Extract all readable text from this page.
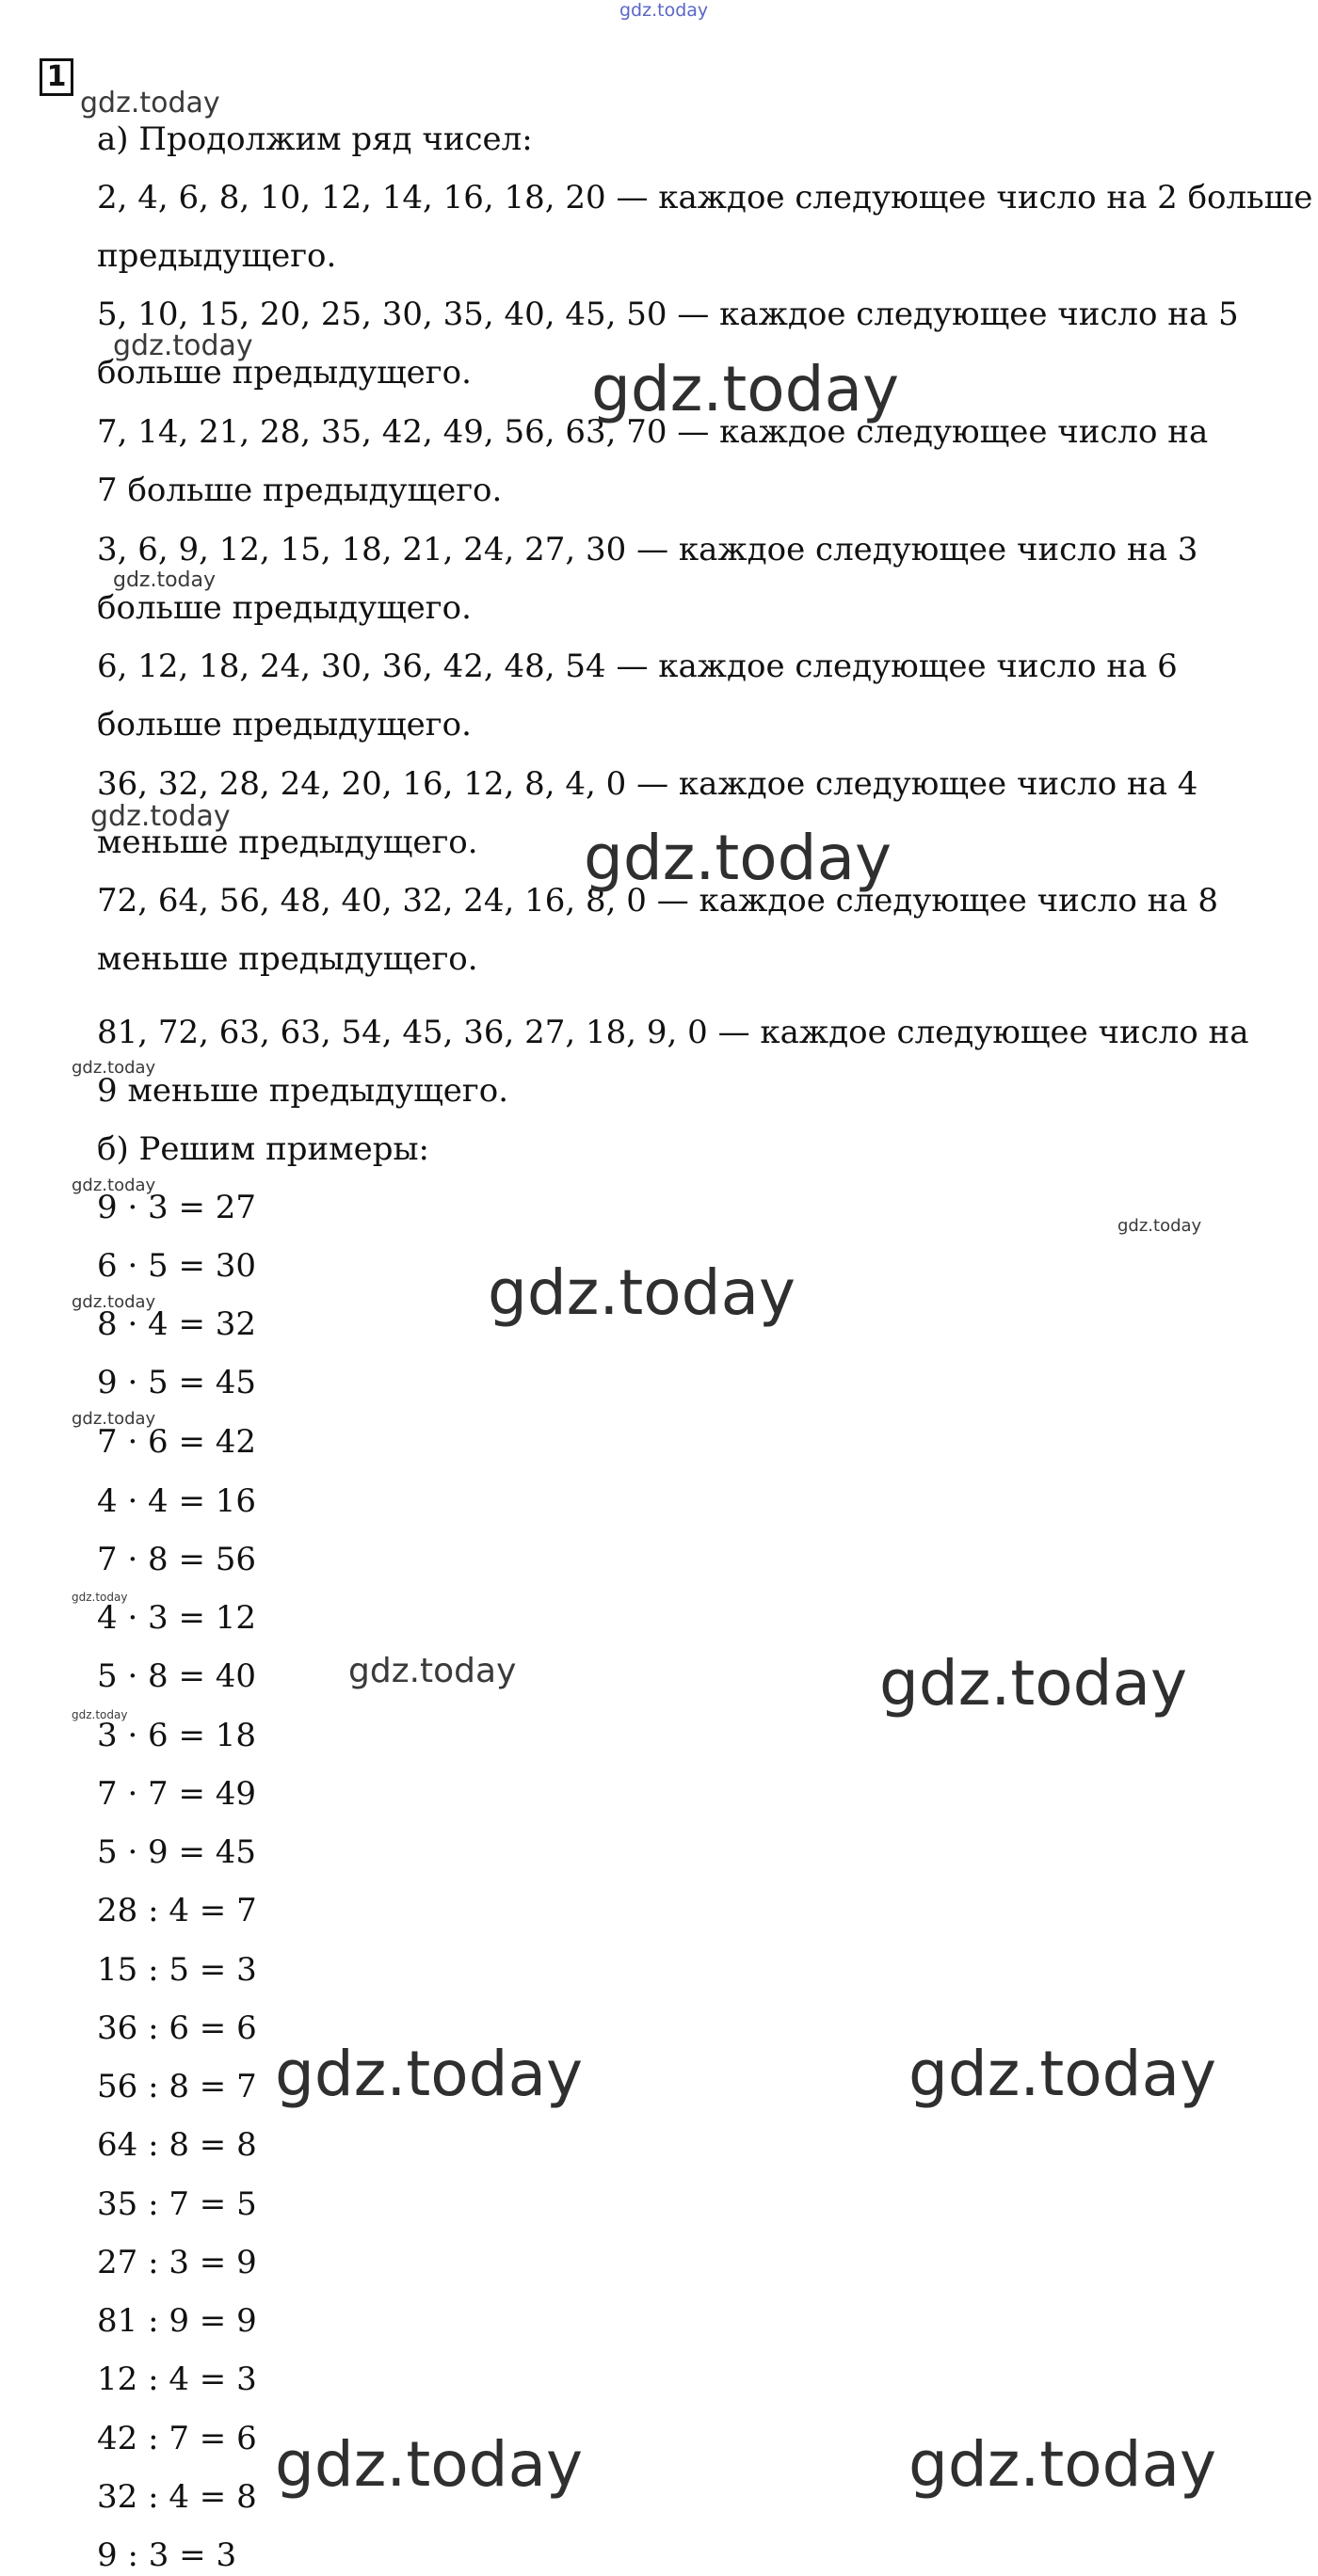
gdz.today
1
а) Продолжим ряд чисел:
2, 4, 6, 8, 10, 12, 14, 16, 18, 20 — каждое следующее число на 2 больше
предыдущего.
5, 10, 15, 20, 25, 30, 35, 40, 45, 50 — каждое следующее число на 5
больше предыдущего.
7, 14, 21, 28, 35, 42, 49, 56, 63, 70 — каждое следующее число на
7 больше предыдущего.
3, 6, 9, 12, 15, 18, 21, 24, 27, 30 — каждое следующее число на 3
больше предыдущего.
6, 12, 18, 24, 30, 36, 42, 48, 54 — каждое следующее число на 6
больше предыдущего.
36, 32, 28, 24, 20, 16, 12, 8, 4, 0 — каждое следующее число на 4
меньше предыдущего.
72, 64, 56, 48, 40, 32, 24, 16, 8, 0 — каждое следующее число на 8
меньше предыдущего.
81, 72, 63, 63, 54, 45, 36, 27, 18, 9, 0 — каждое следующее число на
9 меньше предыдущего.
б) Решим примеры:
9 · 3 = 27
6 · 5 = 30
8 · 4 = 32
9 · 5 = 45
7 · 6 = 42
4 · 4 = 16
7 · 8 = 56
4 · 3 = 12
5 · 8 = 40
3 · 6 = 18
7 · 7 = 49
5 · 9 = 45
28 : 4 = 7
15 : 5 = 3
36 : 6 = 6
56 : 8 = 7
64 : 8 = 8
35 : 7 = 5
27 : 3 = 9
81 : 9 = 9
12 : 4 = 3
42 : 7 = 6
32 : 4 = 8
9 : 3 = 3
gdz.today
gdz.today
gdz.today
gdz.today
gdz.today
gdz.today
gdz.today
gdz.today
gdz.today
gdz.today
gdz.today
gdz.today
gdz.today
gdz.today	gdz.today
gdz.today
gdz.today	gdz.today
gdz.today	gdz.today
